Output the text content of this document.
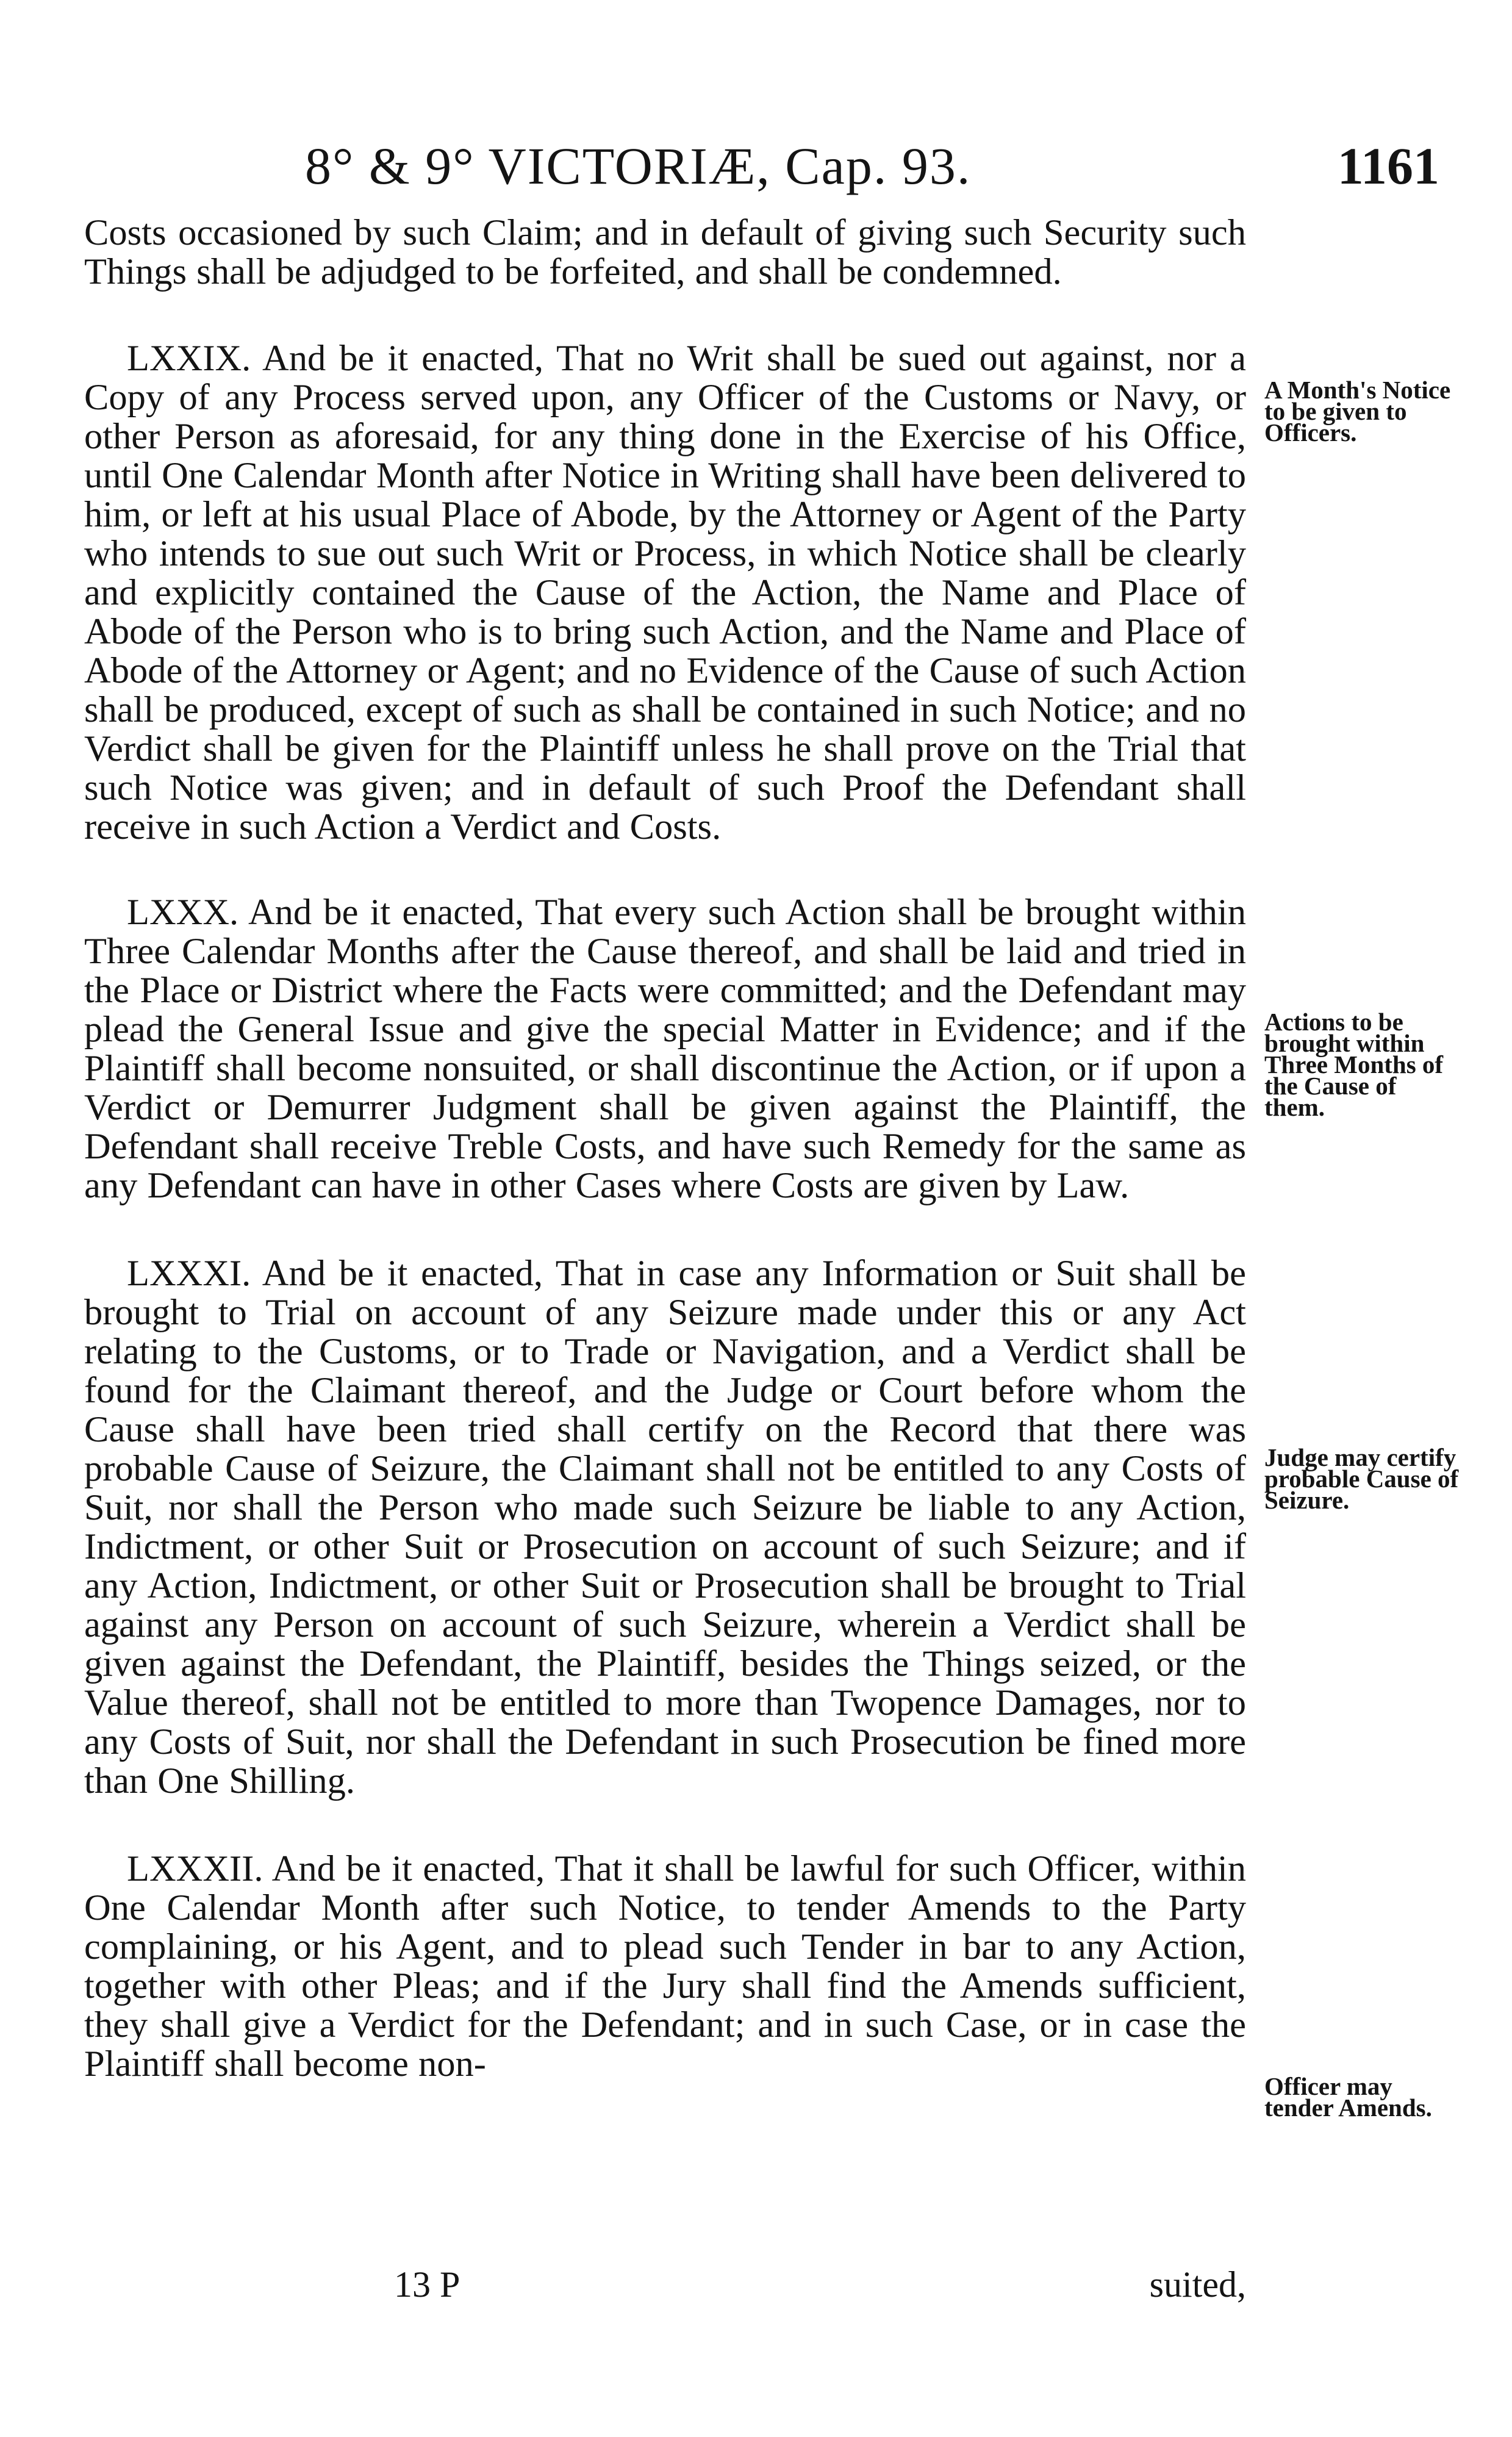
8° & 9° VICTORIÆ, Cap. 93.	1161

Costs occasioned by such Claim; and in default of giving such Security such Things shall be adjudged to be forfeited, and shall be condemned.

LXXIX. And be it enacted, That no Writ shall be sued out against, nor a Copy of any Process served upon, any Officer of the Customs or Navy, or other Person as aforesaid, for any thing done in the Exercise of his Office, until One Calendar Month after Notice in Writing shall have been delivered to him, or left at his usual Place of Abode, by the Attorney or Agent of the Party who intends to sue out such Writ or Process, in which Notice shall be clearly and explicitly contained the Cause of the Action, the Name and Place of Abode of the Person who is to bring such Action, and the Name and Place of Abode of the Attorney or Agent; and no Evidence of the Cause of such Action shall be produced, except of such as shall be contained in such Notice; and no Verdict shall be given for the Plaintiff unless he shall prove on the Trial that such Notice was given; and in default of such Proof the Defendant shall receive in such Action a Verdict and Costs.

LXXX. And be it enacted, That every such Action shall be brought within Three Calendar Months after the Cause thereof, and shall be laid and tried in the Place or District where the Facts were committed; and the Defendant may plead the General Issue and give the special Matter in Evidence; and if the Plaintiff shall become nonsuited, or shall discontinue the Action, or if upon a Verdict or Demurrer Judgment shall be given against the Plaintiff, the Defendant shall receive Treble Costs, and have such Remedy for the same as any Defendant can have in other Cases where Costs are given by Law.

LXXXI. And be it enacted, That in case any Information or Suit shall be brought to Trial on account of any Seizure made under this or any Act relating to the Customs, or to Trade or Navigation, and a Verdict shall be found for the Claimant thereof, and the Judge or Court before whom the Cause shall have been tried shall certify on the Record that there was probable Cause of Seizure, the Claimant shall not be entitled to any Costs of Suit, nor shall the Person who made such Seizure be liable to any Action, Indictment, or other Suit or Prosecution on account of such Seizure; and if any Action, Indictment, or other Suit or Prosecution shall be brought to Trial against any Person on account of such Seizure, wherein a Verdict shall be given against the Defendant, the Plaintiff, besides the Things seized, or the Value thereof, shall not be entitled to more than Twopence Damages, nor to any Costs of Suit, nor shall the Defendant in such Prosecution be fined more than One Shilling.

LXXXII. And be it enacted, That it shall be lawful for such Officer, within One Calendar Month after such Notice, to tender Amends to the Party complaining, or his Agent, and to plead such Tender in bar to any Action, together with other Pleas; and if the Jury shall find the Amends sufficient, they shall give a Verdict for the Defendant; and in such Case, or in case the Plaintiff shall become non-

A Month's Notice to be given to Officers.
Actions to be brought within Three Months of the Cause of them.
Judge may certify probable Cause of Seizure.
Officer may tender Amends.
13 P	suited,
